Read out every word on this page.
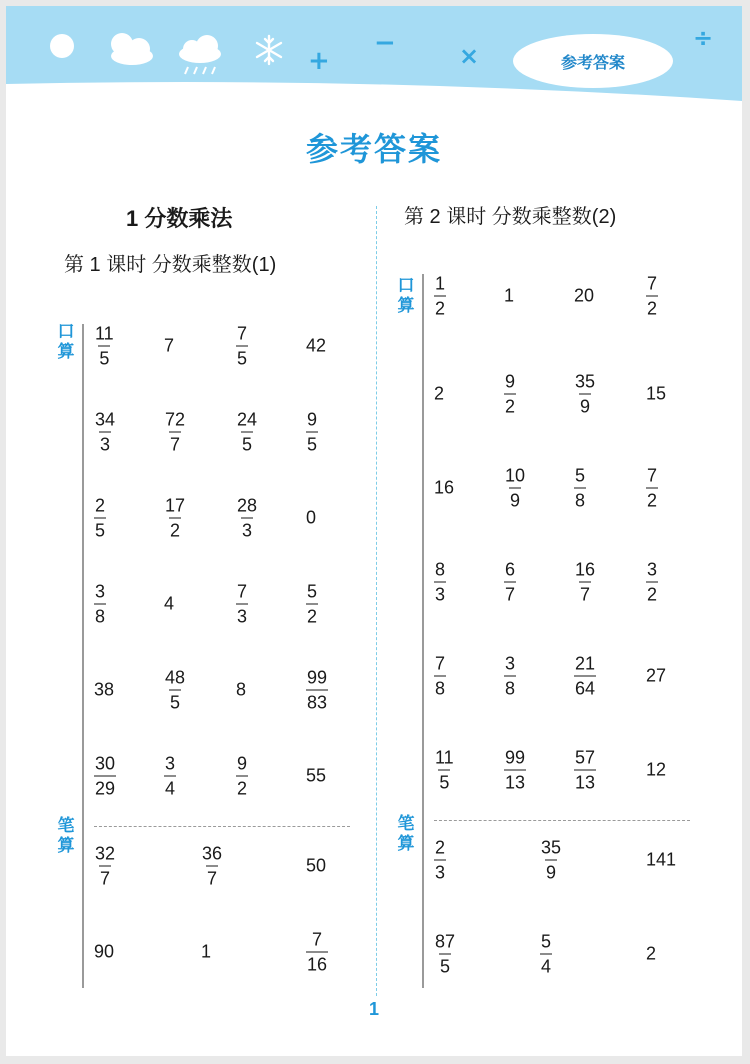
+
−	×
÷
参考答案
参考答案
1 分数乘法
第 1 课时 分数乘整数(1)
第 2 课时 分数乘整数(2)
口算
笔算
$\frac{11}{5}$	7	$\frac{7}{5}$	42
$\frac{34}{3}$	$\frac{72}{7}$	$\frac{24}{5}$	$\frac{9}{5}$
$\frac{2}{5}$	$\frac{17}{2}$	$\frac{28}{3}$	0
$\frac{3}{8}$	4	$\frac{7}{3}$	$\frac{5}{2}$
38	$\frac{48}{5}$	8	$\frac{99}{83}$
$\frac{30}{29}$	$\frac{3}{4}$	$\frac{9}{2}$	55
$\frac{32}{7}$	$\frac{36}{7}$	50
90	1	$\frac{7}{16}$
口算
笔算
$\frac{1}{2}$	1	20	$\frac{7}{2}$
2	$\frac{9}{2}$	$\frac{35}{9}$	15
16	$\frac{10}{9}$	$\frac{5}{8}$	$\frac{7}{2}$
$\frac{8}{3}$	$\frac{6}{7}$	$\frac{16}{7}$	$\frac{3}{2}$
$\frac{7}{8}$	$\frac{3}{8}$	$\frac{21}{64}$	27
$\frac{11}{5}$	$\frac{99}{13}$	$\frac{57}{13}$	12
$\frac{2}{3}$	$\frac{35}{9}$	141
$\frac{87}{5}$	$\frac{5}{4}$	2
1
